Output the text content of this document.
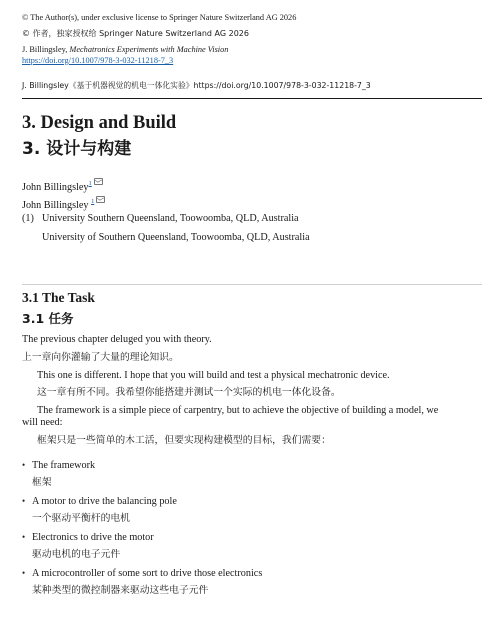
© The Author(s), under exclusive license to Springer Nature Switzerland AG 2026
© 作者，独家授权给 Springer Nature Switzerland AG 2026
J. Billingsley, Mechatronics Experiments with Machine Vision
https://doi.org/10.1007/978-3-032-11218-7_3
J. Billingsley《基于机器视觉的机电一体化实验》https://doi.org/10.1007/978-3-032-11218-7_3
3. Design and Build
3. 设计与构建
John Billingsley$^1$
John Billingsley $^1$
(1) University Southern Queensland, Toowoomba, QLD, Australia
University of Southern Queensland, Toowoomba, QLD, Australia
3.1 The Task
3.1 任务
The previous chapter deluged you with theory.
上一章向你灌输了大量的理论知识。
This one is different. I hope that you will build and test a physical mechatronic device.
这一章有所不同。我希望你能搭建并测试一个实际的机电一体化设备。
The framework is a simple piece of carpentry, but to achieve the objective of building a model, we
will need:
框架只是一些简单的木工活，但要实现构建模型的目标，我们需要：
• The framework
框架
• A motor to drive the balancing pole
一个驱动平衡杆的电机
• Electronics to drive the motor
驱动电机的电子元件
• A microcontroller of some sort to drive those electronics
某种类型的微控制器来驱动这些电子元件
